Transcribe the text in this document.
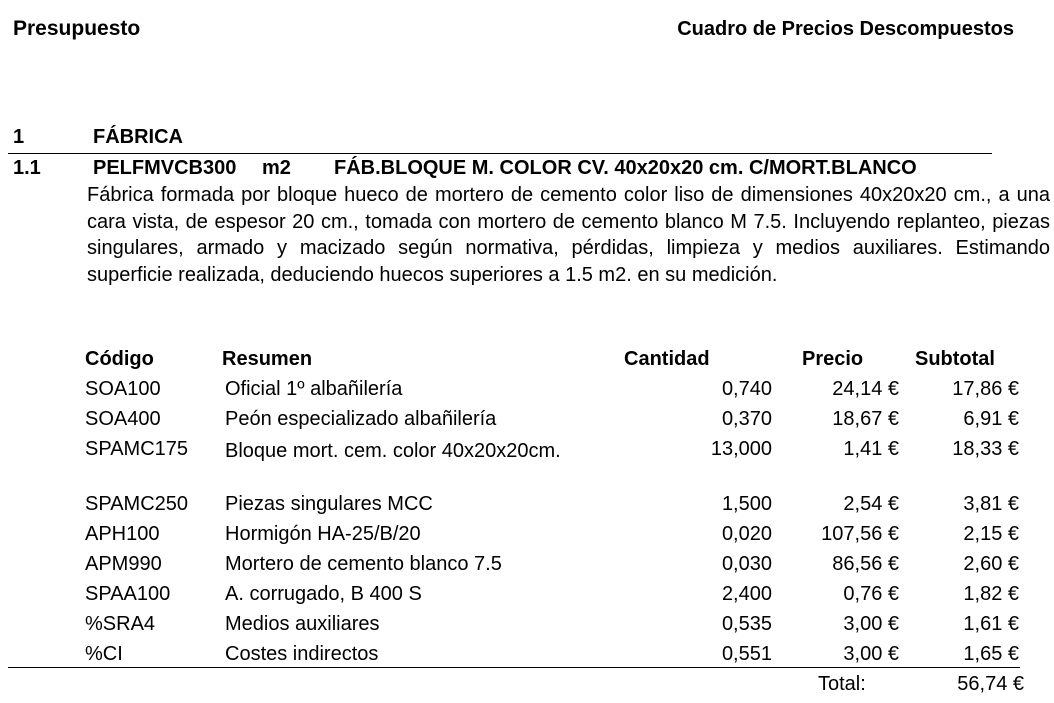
Presupuesto	Cuadro de Precios Descompuestos
1	FÁBRICA
1.1	PELFMVCB300 m2 FÁB.BLOQUE M. COLOR CV. 40x20x20 cm. C/MORT.BLANCO

Fábrica formada por bloque hueco de mortero de cemento color liso de dimensiones 40x20x20 cm., a una cara vista, de espesor 20 cm., tomada con mortero de cemento blanco M 7.5. Incluyendo replanteo, piezas singulares, armado y macizado según normativa, pérdidas, limpieza y medios auxiliares. Estimando superficie realizada, deduciendo huecos superiores a 1.5 m2. en su medición.

Código	Resumen	Cantidad	Precio	Subtotal
SOA100	Oficial 1º albañilería	0,740	24,14 €	17,86 €
SOA400	Peón especializado albañilería	0,370	18,67 €	6,91 €
SPAMC175 Bloque mort. cem. color 40x20x20cm.	13,000	1,41 €	18,33 €
SPAMC250 Piezas singulares MCC	1,500	2,54 €	3,81 €
APH100	Hormigón HA-25/B/20	0,020 107,56 €	2,15 €
APM990	Mortero de cemento blanco 7.5	0,030	86,56 €	2,60 €
SPAA100	A. corrugado, B 400 S	2,400	0,76 €	1,82 €
%SRA4	Medios auxiliares	0,535	3,00 €	1,61 €
%CI	Costes indirectos	0,551	3,00 €	1,65 €
Total:	56,74 €
